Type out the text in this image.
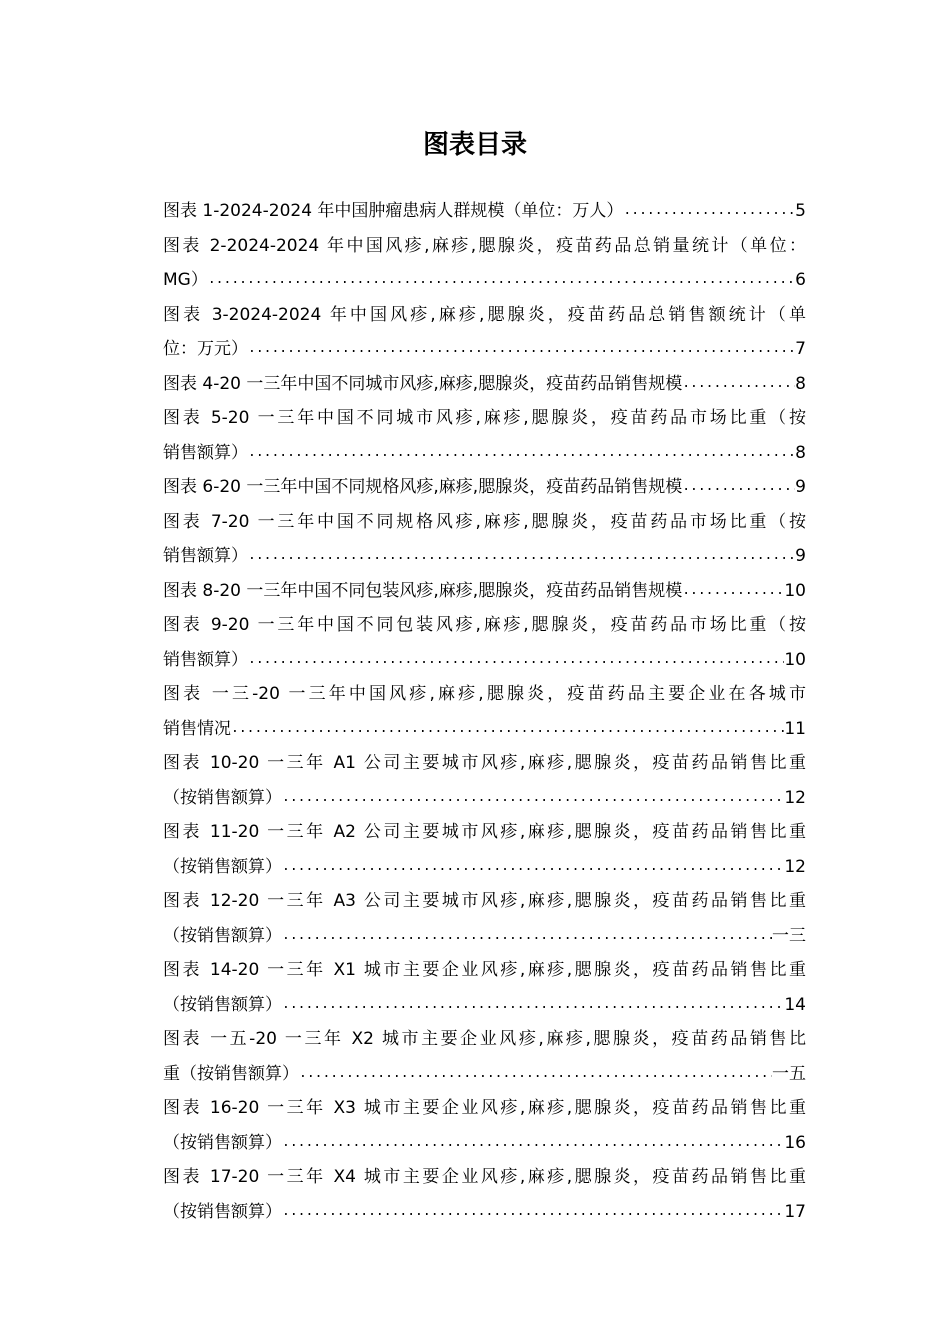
图表目录
图表 1-2024-2024 年中国肿瘤患病人群规模（单位：万人） .....	5
图表 2-2024-2024 年中国风疹,麻疹,腮腺炎，疫苗药品总销量统计（单位：
MG） .....	6
图表 3-2024-2024 年中国风疹,麻疹,腮腺炎，疫苗药品总销售额统计（单
位：万元） .....	7
图表 4-20 一三年中国不同城市风疹,麻疹,腮腺炎，疫苗药品销售规模 .....	8
图表 5-20 一三年中国不同城市风疹,麻疹,腮腺炎，疫苗药品市场比重（按
销售额算） .....	8
图表 6-20 一三年中国不同规格风疹,麻疹,腮腺炎，疫苗药品销售规模 .....	9
图表 7-20 一三年中国不同规格风疹,麻疹,腮腺炎，疫苗药品市场比重（按
销售额算） .....	9
图表 8-20 一三年中国不同包装风疹,麻疹,腮腺炎，疫苗药品销售规模 .....	10
图表 9-20 一三年中国不同包装风疹,麻疹,腮腺炎，疫苗药品市场比重（按
销售额算） .....	10
图表 一三-20 一三年中国风疹,麻疹,腮腺炎，疫苗药品主要企业在各城市
销售情况 .....	11
图表 10-20 一三年 A1 公司主要城市风疹,麻疹,腮腺炎，疫苗药品销售比重
（按销售额算） .....	12
图表 11-20 一三年 A2 公司主要城市风疹,麻疹,腮腺炎，疫苗药品销售比重
（按销售额算） .....	12
图表 12-20 一三年 A3 公司主要城市风疹,麻疹,腮腺炎，疫苗药品销售比重
（按销售额算） .....	一三
图表 14-20 一三年 X1 城市主要企业风疹,麻疹,腮腺炎，疫苗药品销售比重
（按销售额算） .....	14
图表 一五-20 一三年 X2 城市主要企业风疹,麻疹,腮腺炎，疫苗药品销售比
重（按销售额算） .....	一五
图表 16-20 一三年 X3 城市主要企业风疹,麻疹,腮腺炎，疫苗药品销售比重
（按销售额算） .....	16
图表 17-20 一三年 X4 城市主要企业风疹,麻疹,腮腺炎，疫苗药品销售比重
（按销售额算） .....	17
